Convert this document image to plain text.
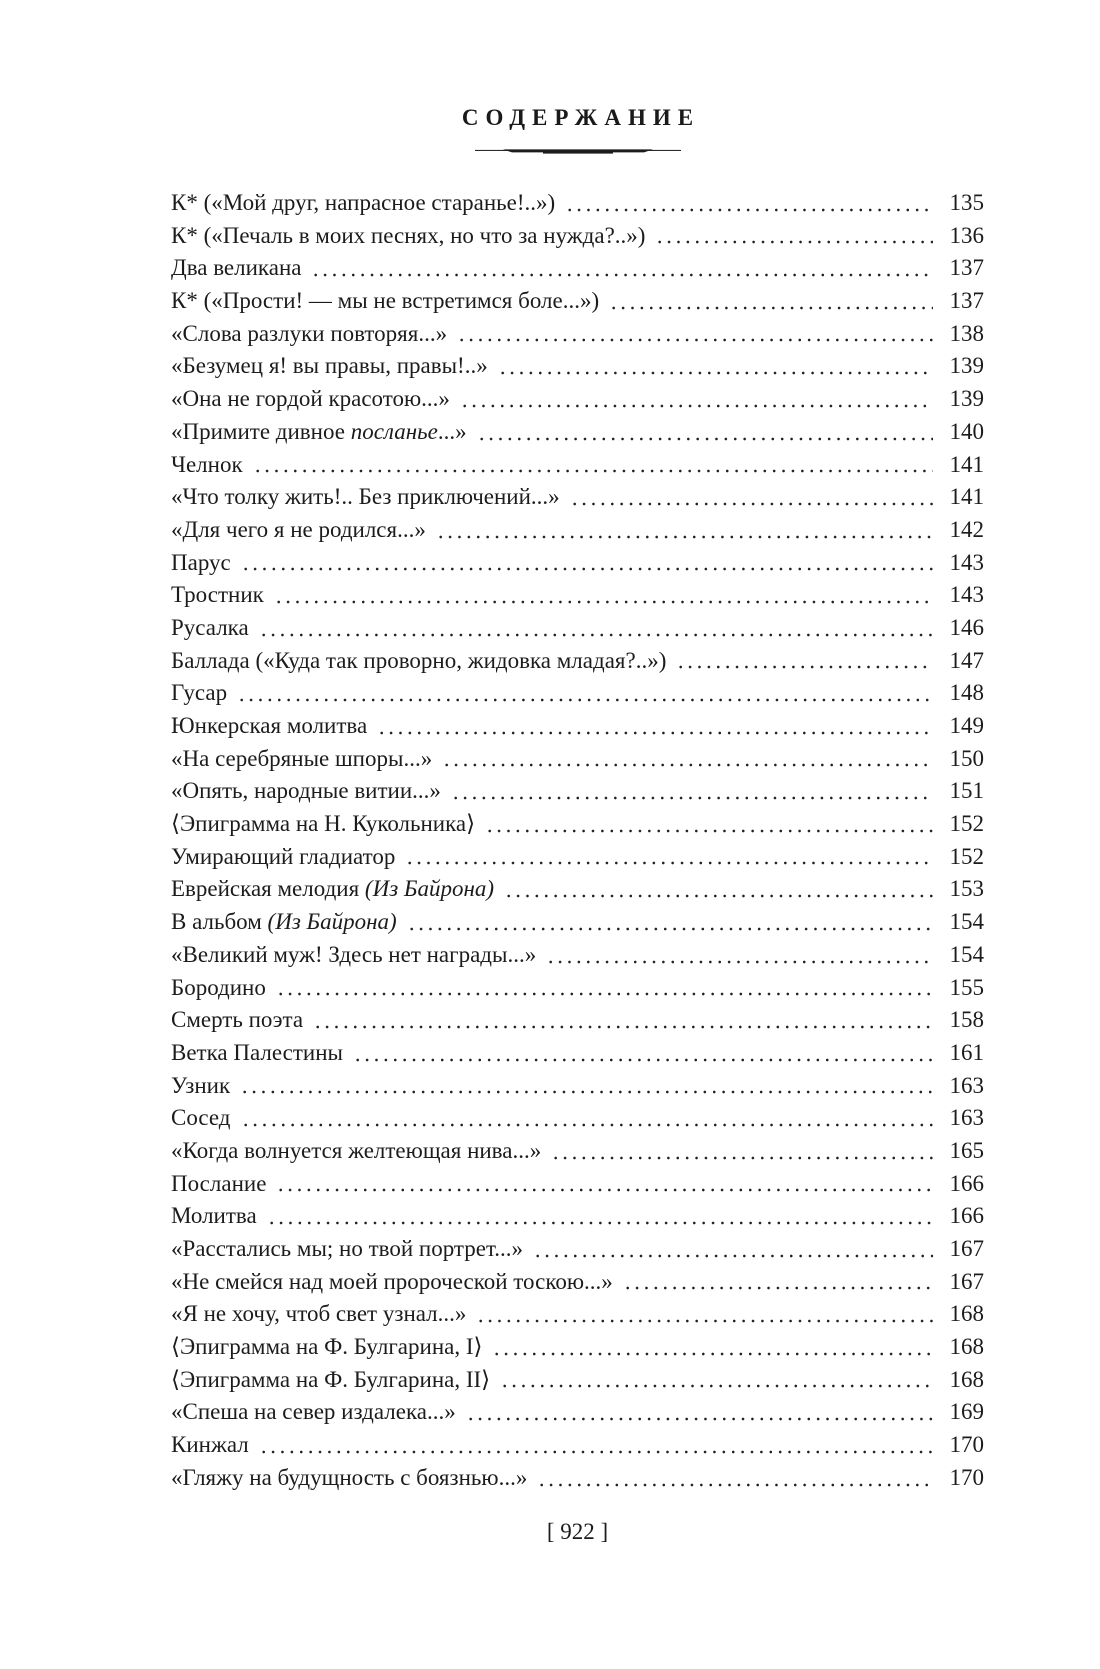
СОДЕРЖАНИЕ
К* («Мой друг, напрасное старанье!..»)	135
К* («Печаль в моих песнях, но что за нужда?..»)	136
Два великана	137
К* («Прости! — мы не встретимся боле...»)	137
«Слова разлуки повторяя...»	138
«Безумец я! вы правы, правы!..»	139
«Она не гордой красотою...»	139
«Примите дивное посланье...»	140
Челнок	141
«Что толку жить!.. Без приключений...»	141
«Для чего я не родился...»	142
Парус	143
Тростник	143
Русалка	146
Баллада («Куда так проворно, жидовка младая?..»)	147
Гусар	148
Юнкерская молитва	149
«На серебряные шпоры...»	150
«Опять, народные витии...»	151
⟨Эпиграмма на Н. Кукольника⟩	152
Умирающий гладиатор	152
Еврейская мелодия (Из Байрона)	153
В альбом (Из Байрона)	154
«Великий муж! Здесь нет награды...»	154
Бородино	155
Смерть поэта	158
Ветка Палестины	161
Узник	163
Сосед	163
«Когда волнуется желтеющая нива...»	165
Послание	166
Молитва	166
«Расстались мы; но твой портрет...»	167
«Не смейся над моей пророческой тоскою...»	167
«Я не хочу, чтоб свет узнал...»	168
⟨Эпиграмма на Ф. Булгарина, I⟩	168
⟨Эпиграмма на Ф. Булгарина, II⟩	168
«Спеша на север издалека...»	169
Кинжал	170
«Гляжу на будущность с боязнью...»	170
[ 922 ]
